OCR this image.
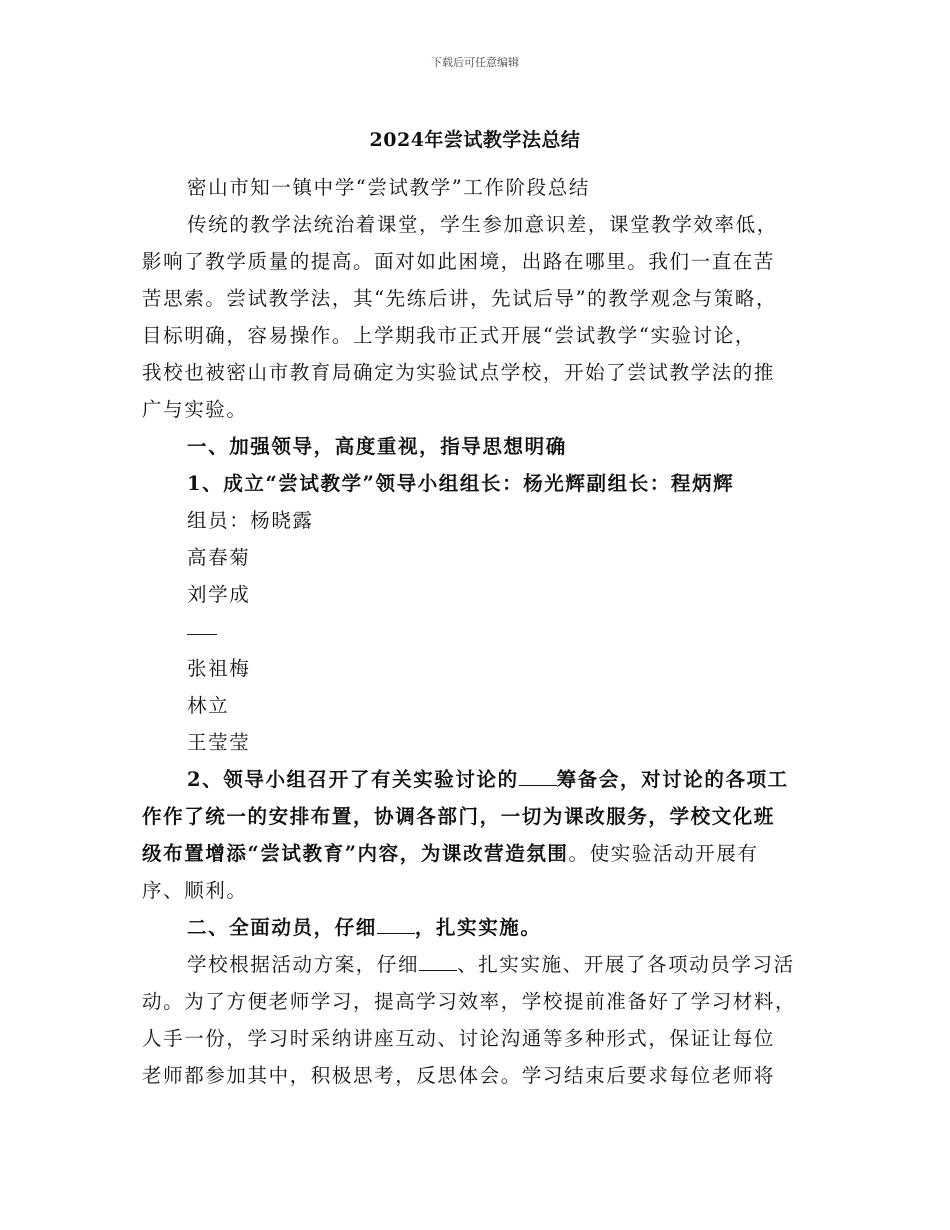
下载后可任意编辑
2024年尝试教学法总结
密山市知一镇中学“尝试教学”工作阶段总结
传统的教学法统治着课堂，学生参加意识差，课堂教学效率低，
影响了教学质量的提高。面对如此困境，出路在哪里。我们一直在苦
苦思索。尝试教学法，其“先练后讲，先试后导”的教学观念与策略，
目标明确，容易操作。上学期我市正式开展“尝试教学“实验讨论，
我校也被密山市教育局确定为实验试点学校，开始了尝试教学法的推
广与实验。
一、加强领导，高度重视，指导思想明确
1、成立“尝试教学”领导小组组长：杨光辉副组长：程炳辉
组员：杨晓露
高春菊
刘学成
张祖梅
林立
王莹莹
2、领导小组召开了有关实验讨论的 筹备会，对讨论的各项工
作作了统一的安排布置，协调各部门，一切为课改服务，学校文化班
级布置增添“尝试教育”内容，为课改营造氛围。使实验活动开展有
序、顺利。
二、全面动员，仔细 ，扎实实施。
学校根据活动方案，仔细 、扎实实施、开展了各项动员学习活
动。为了方便老师学习，提高学习效率，学校提前准备好了学习材料，
人手一份，学习时采纳讲座互动、讨论沟通等多种形式，保证让每位
老师都参加其中，积极思考，反思体会。学习结束后要求每位老师将
